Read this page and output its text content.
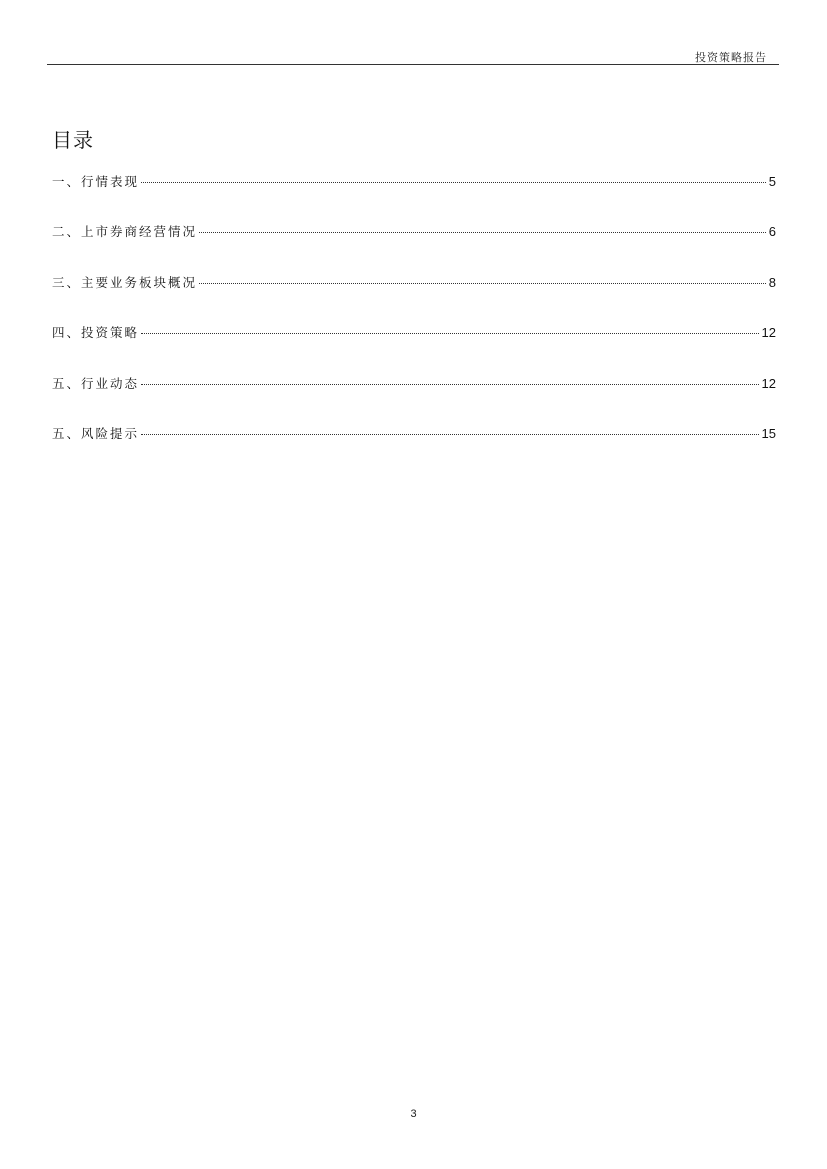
投资策略报告
目录
一、 行情表现	5
二、 上市券商经营情况	6
三、 主要业务板块概况	8
四、 投资策略	12
五、 行业动态	12
五、 风险提示	15
3
